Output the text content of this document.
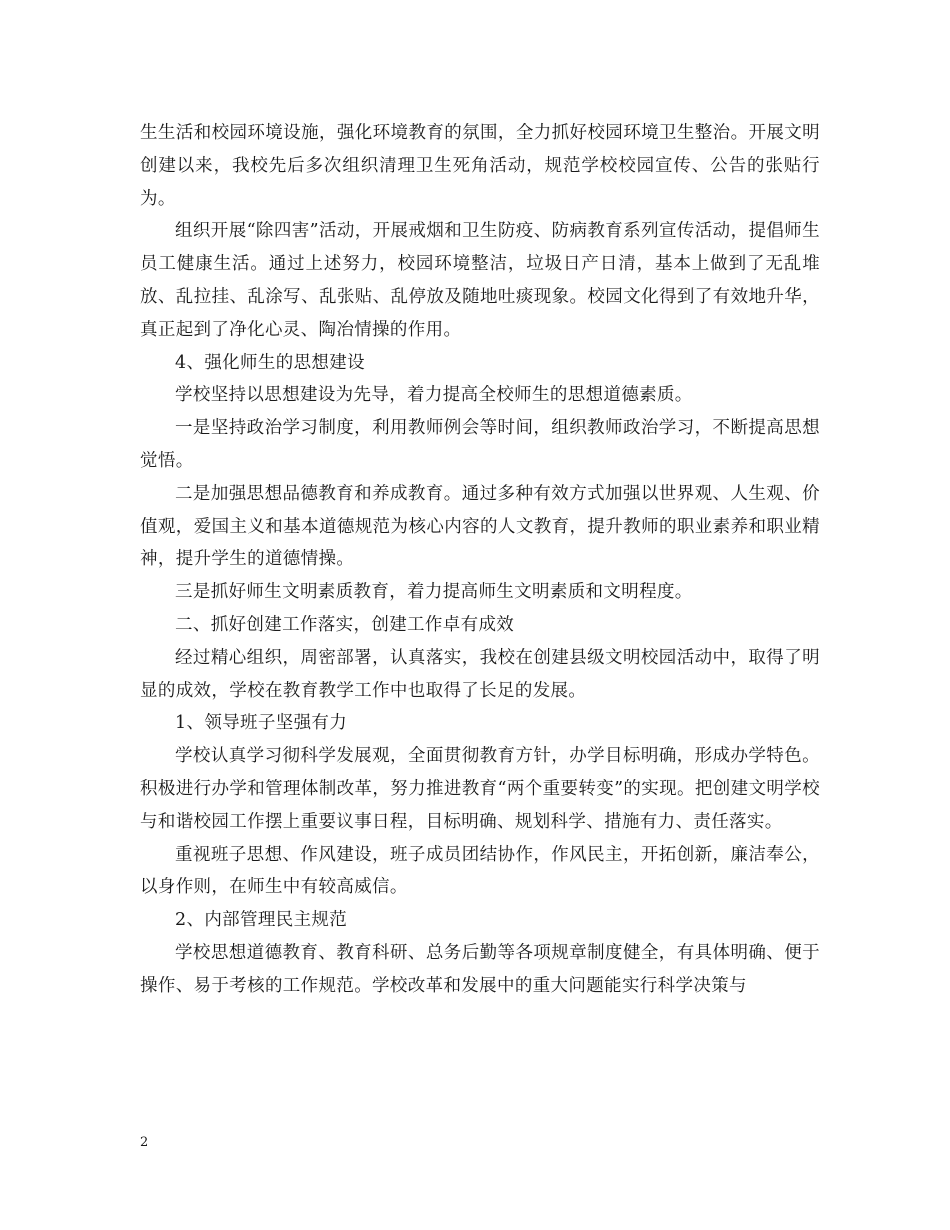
生生活和校园环境设施，强化环境教育的氛围，全力抓好校园环境卫生整治。开展文明创建以来，我校先后多次组织清理卫生死角活动，规范学校校园宣传、公告的张贴行为。

组织开展“除四害”活动，开展戒烟和卫生防疫、防病教育系列宣传活动，提倡师生员工健康生活。通过上述努力，校园环境整洁，垃圾日产日清，基本上做到了无乱堆放、乱拉挂、乱涂写、乱张贴、乱停放及随地吐痰现象。校园文化得到了有效地升华，真正起到了净化心灵、陶冶情操的作用。

4、强化师生的思想建设

学校坚持以思想建设为先导，着力提高全校师生的思想道德素质。

一是坚持政治学习制度，利用教师例会等时间，组织教师政治学习，不断提高思想觉悟。

二是加强思想品德教育和养成教育。通过多种有效方式加强以世界观、人生观、价值观，爱国主义和基本道德规范为核心内容的人文教育，提升教师的职业素养和职业精神，提升学生的道德情操。

三是抓好师生文明素质教育，着力提高师生文明素质和文明程度。

二、抓好创建工作落实，创建工作卓有成效

经过精心组织，周密部署，认真落实，我校在创建县级文明校园活动中，取得了明显的成效，学校在教育教学工作中也取得了长足的发展。

1、领导班子坚强有力

学校认真学习彻科学发展观，全面贯彻教育方针，办学目标明确，形成办学特色。积极进行办学和管理体制改革，努力推进教育“两个重要转变”的实现。把创建文明学校与和谐校园工作摆上重要议事日程，目标明确、规划科学、措施有力、责任落实。

重视班子思想、作风建设，班子成员团结协作，作风民主，开拓创新，廉洁奉公，以身作则，在师生中有较高威信。

2、内部管理民主规范

学校思想道德教育、教育科研、总务后勤等各项规章制度健全，有具体明确、便于操作、易于考核的工作规范。学校改革和发展中的重大问题能实行科学决策与

2
